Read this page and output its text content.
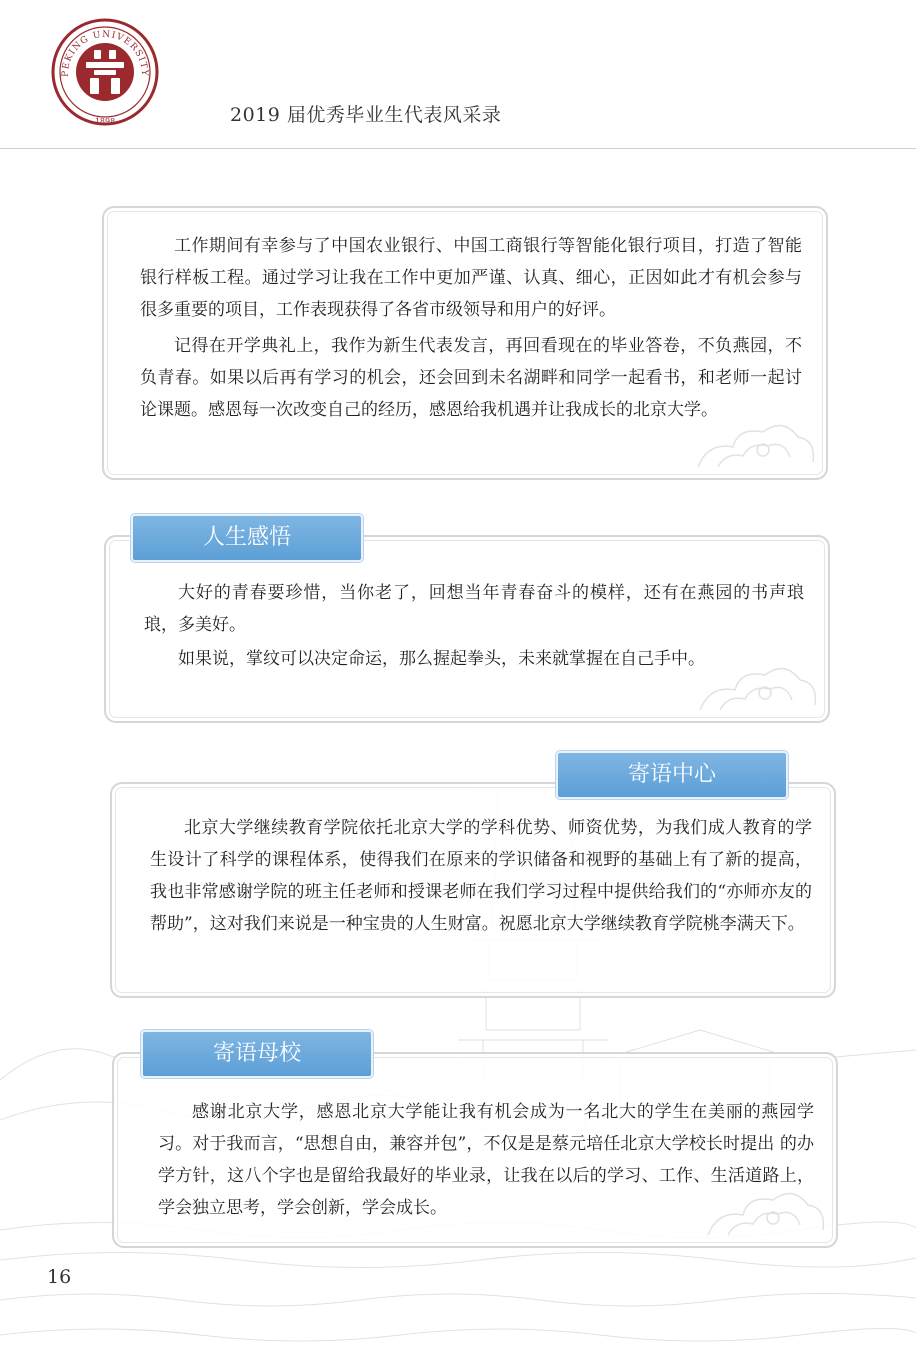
PEKING UNIVERSITY
1898	2019 届优秀毕业生代表风采录

工作期间有幸参与了中国农业银行、中国工商银行等智能化银行项目，打造了智能银行样板工程。通过学习让我在工作中更加严谨、认真、细心，正因如此才有机会参与很多重要的项目，工作表现获得了各省市级领导和用户的好评。

记得在开学典礼上，我作为新生代表发言，再回看现在的毕业答卷，不负燕园，不负青春。如果以后再有学习的机会，还会回到未名湖畔和同学一起看书，和老师一起讨论课题。感恩每一次改变自己的经历，感恩给我机遇并让我成长的北京大学。

大好的青春要珍惜，当你老了，回想当年青春奋斗的模样，还有在燕园的书声琅琅，多美好。

如果说，掌纹可以决定命运，那么握起拳头，未来就掌握在自己手中。

人生感悟

北京大学继续教育学院依托北京大学的学科优势、师资优势，为我们成人教育的学生设计了科学的课程体系，使得我们在原来的学识储备和视野的基础上有了新的提高，我也非常感谢学院的班主任老师和授课老师在我们学习过程中提供给我们的“亦师亦友的帮助”，这对我们来说是一种宝贵的人生财富。祝愿北京大学继续教育学院桃李满天下。

寄语中心

感谢北京大学，感恩北京大学能让我有机会成为一名北大的学生在美丽的燕园学习。对于我而言，“思想自由，兼容并包”，不仅是是蔡元培任北京大学校长时提出 的办学方针，这八个字也是留给我最好的毕业录，让我在以后的学习、工作、生活道路上，学会独立思考，学会创新，学会成长。

寄语母校
16
